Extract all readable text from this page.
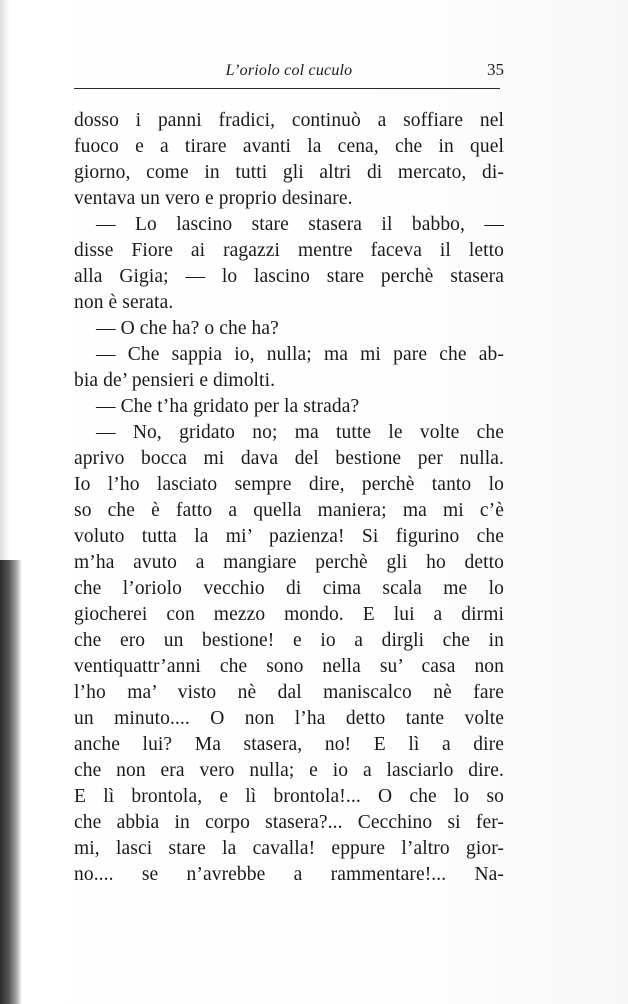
L’oriolo col cuculo	35
dosso i panni fradici, continuò a soffiare nel
fuoco e a tirare avanti la cena, che in quel
giorno, come in tutti gli altri di mercato, di-
ventava un vero e proprio desinare.
— Lo lascino stare stasera il babbo, —
disse Fiore ai ragazzi mentre faceva il letto
alla Gigia; — lo lascino stare perchè stasera
non è serata.
— O che ha? o che ha?
— Che sappia io, nulla; ma mi pare che ab-
bia de’ pensieri e dimolti.
— Che t’ha gridato per la strada?
— No, gridato no; ma tutte le volte che
aprivo bocca mi dava del bestione per nulla.
Io l’ho lasciato sempre dire, perchè tanto lo
so che è fatto a quella maniera; ma mi c’è
voluto tutta la mi’ pazienza! Si figurino che
m’ha avuto a mangiare perchè gli ho detto
che l’oriolo vecchio di cima scala me lo
giocherei con mezzo mondo. E lui a dirmi
che ero un bestione! e io a dirgli che in
ventiquattr’anni che sono nella su’ casa non
l’ho ma’ visto nè dal maniscalco nè fare
un minuto.... O non l’ha detto tante volte
anche lui? Ma stasera, no! E lì a dire
che non era vero nulla; e io a lasciarlo dire.
E lì brontola, e lì brontola!... O che lo so
che abbia in corpo stasera?... Cecchino si fer-
mi, lasci stare la cavalla! eppure l’altro gior-
no.... se n’avrebbe a rammentare!... Na-
